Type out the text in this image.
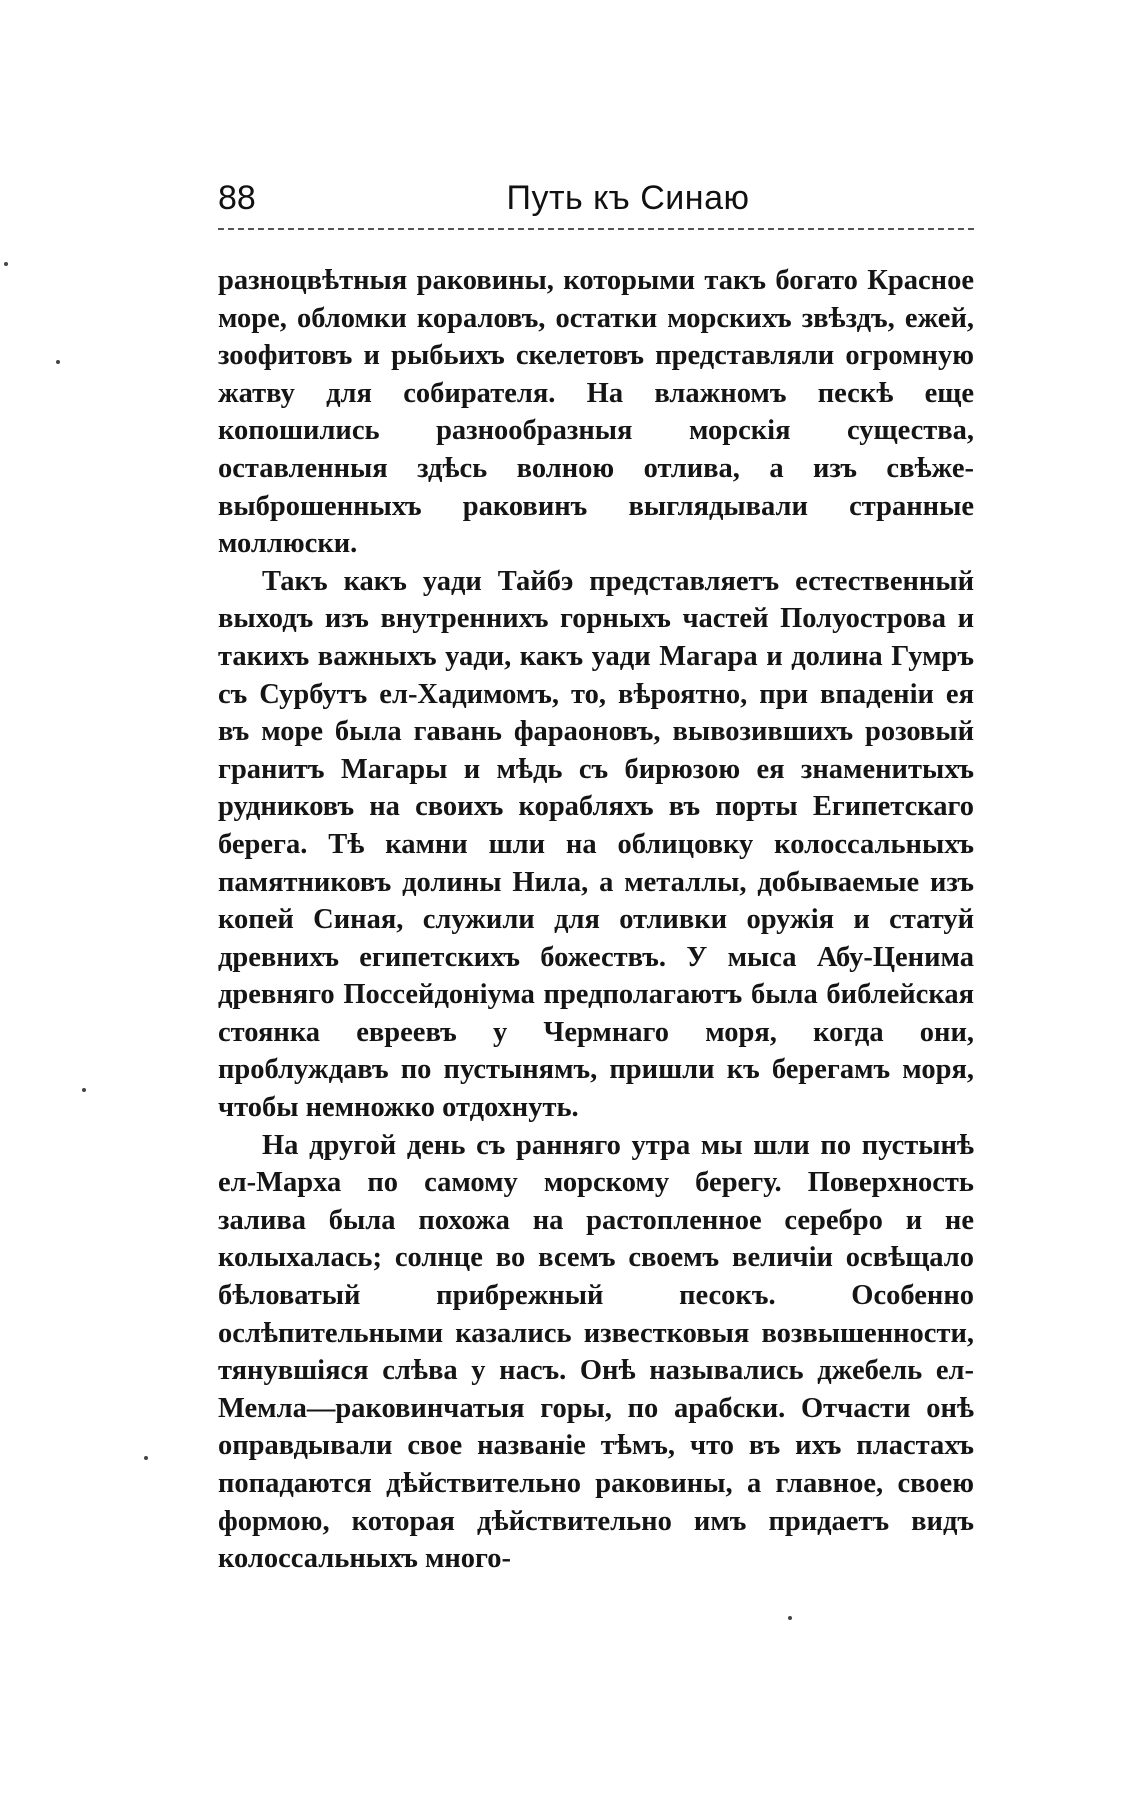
88	Путь къ Синаю

разноцвѣтныя раковины, которыми такъ богато Красное море, обломки кораловъ, остатки морскихъ звѣздъ, ежей, зоофитовъ и рыбьихъ скелетовъ представляли огромную жатву для собирателя. На влажномъ пескѣ еще копошились разнообразныя морскія существа, оставленныя здѣсь волною отлива, а изъ свѣже-выброшенныхъ раковинъ выглядывали странные моллюски.

Такъ какъ уади Тайбэ представляетъ естественный выходъ изъ внутреннихъ горныхъ частей Полуострова и такихъ важныхъ уади, какъ уади Магара и долина Гумръ съ Сурбутъ ел-Хадимомъ, то, вѣроятно, при впаденіи ея въ море была гавань фараоновъ, вывозившихъ розовый гранитъ Магары и мѣдь съ бирюзою ея знаменитыхъ рудниковъ на своихъ корабляхъ въ порты Египетскаго берега. Тѣ камни шли на облицовку колоссальныхъ памятниковъ долины Нила, а металлы, добываемые изъ копей Синая, служили для отливки оружія и статуй древнихъ египетскихъ божествъ. У мыса Абу-Ценима древняго Поссейдоніума предполагаютъ была библейская стоянка евреевъ у Чермнаго моря, когда они, проблуждавъ по пустынямъ, пришли къ берегамъ моря, чтобы немножко отдохнуть.

На другой день съ ранняго утра мы шли по пустынѣ ел-Марха по самому морскому берегу. Поверхность залива была похожа на растопленное серебро и не колыхалась; солнце во всемъ своемъ величіи освѣщало бѣловатый прибрежный песокъ. Особенно ослѣпительными казались известковыя возвышенности, тянувшіяся слѣва у насъ. Онѣ назывались джебель ел-Мемла—раковинчатыя горы, по арабски. Отчасти онѣ оправдывали свое названіе тѣмъ, что въ ихъ пластахъ попадаются дѣйствительно раковины, а главное, своею формою, которая дѣйствительно имъ придаетъ видъ колоссальныхъ много-
